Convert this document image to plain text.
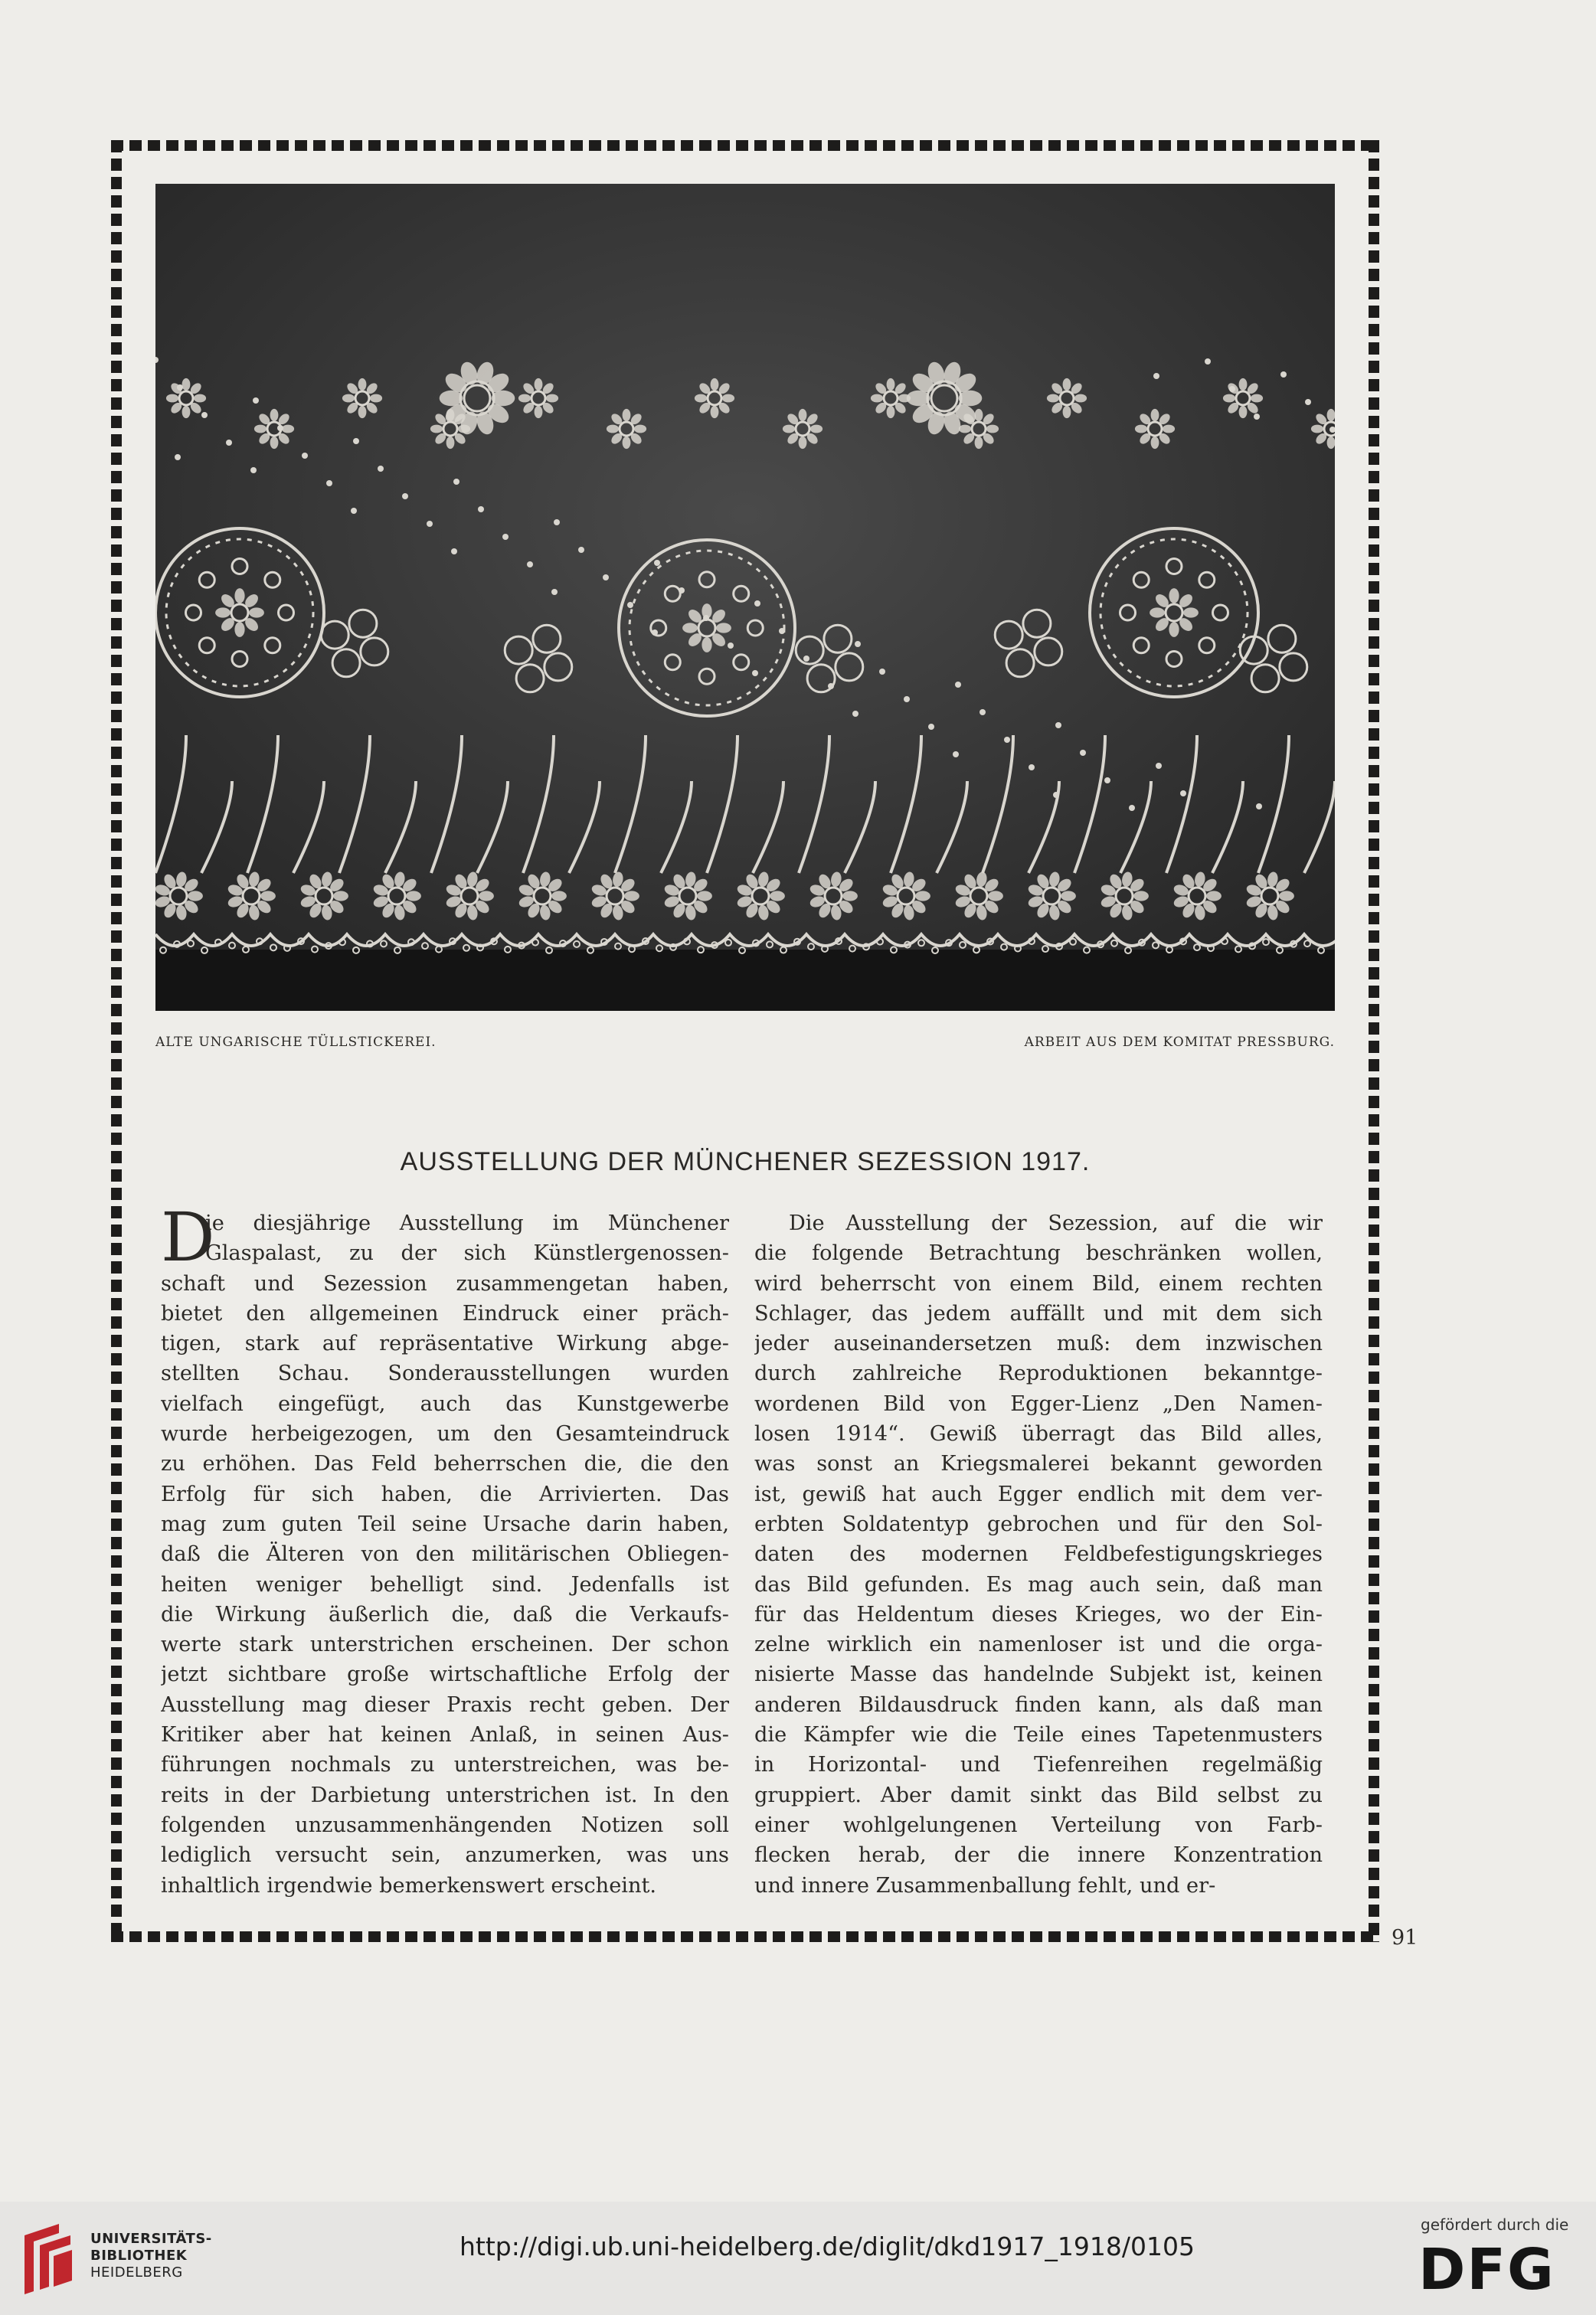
ALTE UNGARISCHE TÜLLSTICKEREI.	ARBEIT AUS DEM KOMITAT PRESSBURG.
AUSSTELLUNG DER MÜNCHENER SEZESSION 1917.
D
ie diesjährige Ausstellung im Münchener
Glaspalast, zu der sich Künstlergenossen-
schaft und Sezession zusammengetan haben,
bietet den allgemeinen Eindruck einer präch-
tigen, stark auf repräsentative Wirkung abge-
stellten Schau. Sonderausstellungen wurden
vielfach eingefügt, auch das Kunstgewerbe
wurde herbeigezogen, um den Gesamteindruck
zu erhöhen. Das Feld beherrschen die, die den
Erfolg für sich haben, die Arrivierten. Das
mag zum guten Teil seine Ursache darin haben,
daß die Älteren von den militärischen Obliegen-
heiten weniger behelligt sind. Jedenfalls ist
die Wirkung äußerlich die, daß die Verkaufs-
werte stark unterstrichen erscheinen. Der schon
jetzt sichtbare große wirtschaftliche Erfolg der
Ausstellung mag dieser Praxis recht geben. Der
Kritiker aber hat keinen Anlaß, in seinen Aus-
führungen nochmals zu unterstreichen, was be-
reits in der Darbietung unterstrichen ist. In den
folgenden unzusammenhängenden Notizen soll
lediglich versucht sein, anzumerken, was uns
inhaltlich irgendwie bemerkenswert erscheint.
Die Ausstellung der Sezession, auf die wir
die folgende Betrachtung beschränken wollen,
wird beherrscht von einem Bild, einem rechten
Schlager, das jedem auffällt und mit dem sich
jeder auseinandersetzen muß: dem inzwischen
durch zahlreiche Reproduktionen bekanntge-
wordenen Bild von Egger-Lienz „Den Namen-
losen 1914“. Gewiß überragt das Bild alles,
was sonst an Kriegsmalerei bekannt geworden
ist, gewiß hat auch Egger endlich mit dem ver-
erbten Soldatentyp gebrochen und für den Sol-
daten des modernen Feldbefestigungskrieges
das Bild gefunden. Es mag auch sein, daß man
für das Heldentum dieses Krieges, wo der Ein-
zelne wirklich ein namenloser ist und die orga-
nisierte Masse das handelnde Subjekt ist, keinen
anderen Bildausdruck finden kann, als daß man
die Kämpfer wie die Teile eines Tapetenmusters
in Horizontal- und Tiefenreihen regelmäßig
gruppiert. Aber damit sinkt das Bild selbst zu
einer wohlgelungenen Verteilung von Farb-
flecken herab, der die innere Konzentration
und innere Zusammenballung fehlt, und er-
91
UNIVERSITÄTS-
BIBLIOTHEK
HEIDELBERG
http://digi.ub.uni-heidelberg.de/diglit/dkd1917_1918/0105
gefördert durch die
DFG
